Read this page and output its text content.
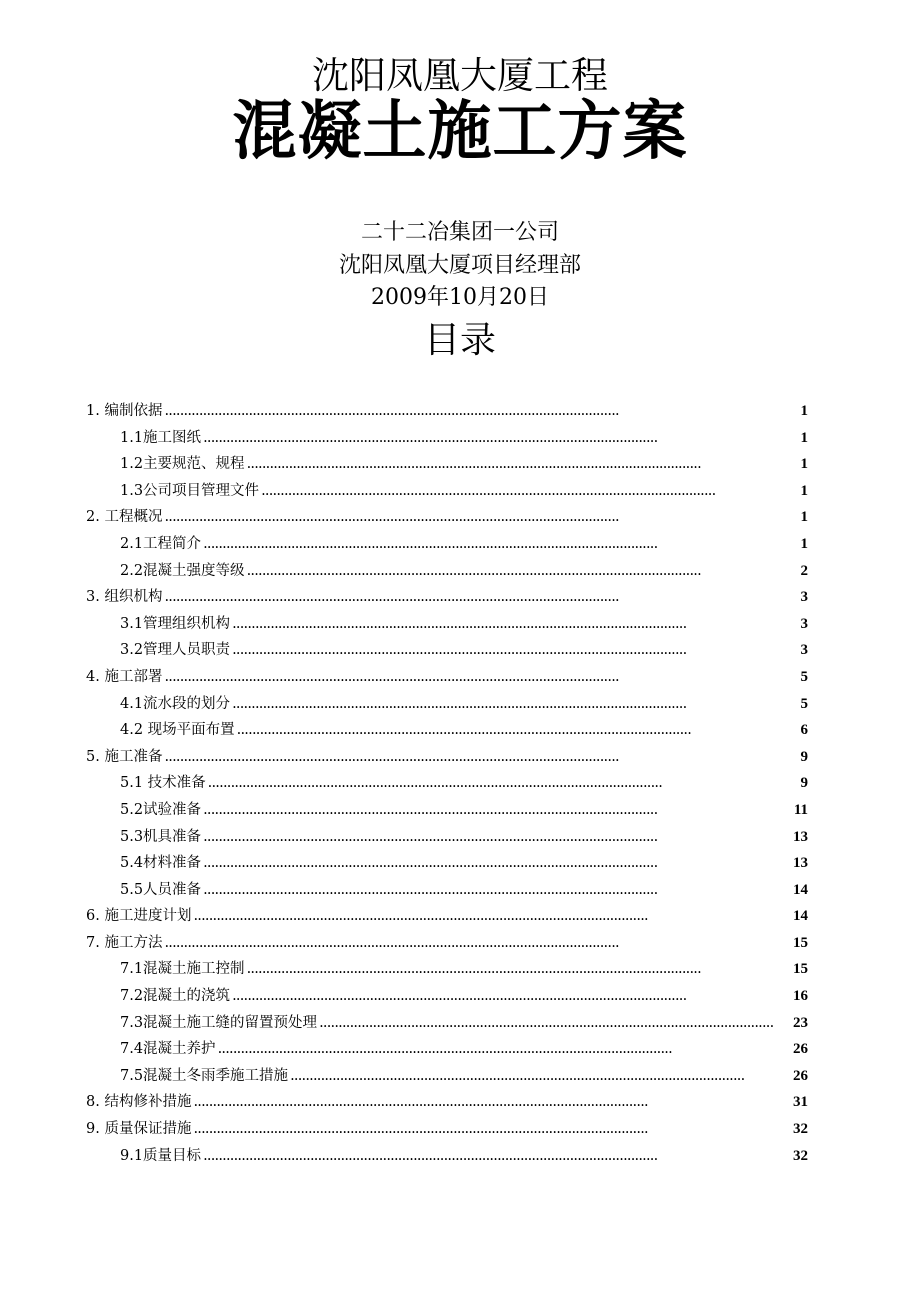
沈阳凤凰大厦工程
混凝土施工方案
二十二冶集团一公司
沈阳凤凰大厦项目经理部
2009年10月20日
目录
1. 编制依据 . . .	1
1.1施工图纸 . . .	1
1.2主要规范、规程 . . .	1
1.3公司项目管理文件 . . .	1
2. 工程概况 . . .	1
2.1工程简介 . . .	1
2.2混凝土强度等级 . . .	2
3. 组织机构 . . .	3
3.1管理组织机构 . . .	3
3.2管理人员职责 . . .	3
4. 施工部署 . . .	5
4.1流水段的划分 . . .	5
4.2 现场平面布置 . . .	6
5. 施工准备 . . .	9
5.1 技术准备 . . .	9
5.2试验准备 . . .	11
5.3机具准备 . . .	13
5.4材料准备 . . .	13
5.5人员准备 . . .	14
6. 施工进度计划 . . .	14
7. 施工方法 . . .	15
7.1混凝土施工控制 . . .	15
7.2混凝土的浇筑 . . .	16
7.3混凝土施工缝的留置预处理 . . .	23
7.4混凝土养护 . . .	26
7.5混凝土冬雨季施工措施 . . .	26
8. 结构修补措施 . . .	31
9. 质量保证措施 . . .	32
9.1质量目标 . . .	32
